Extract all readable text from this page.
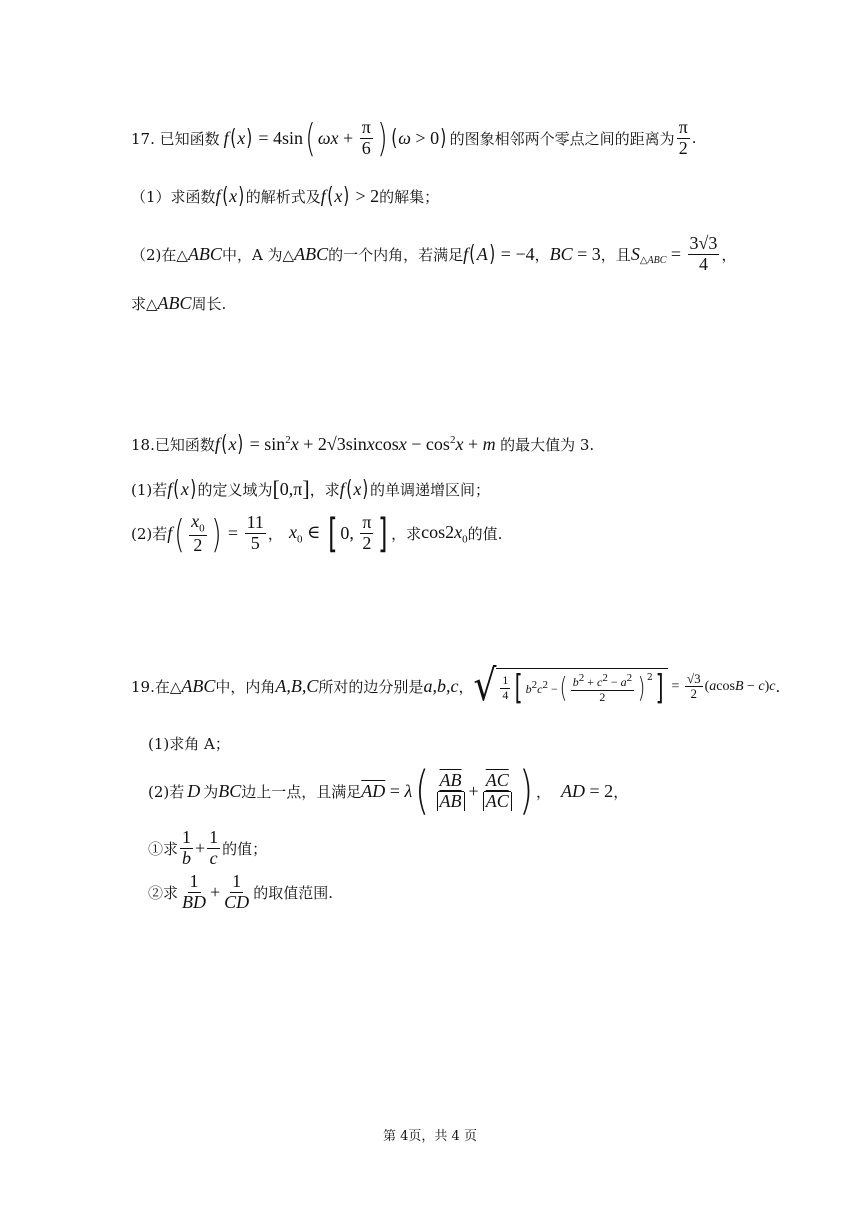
17. 已知函数 f ( x ) = 4sin ( $\omega x + \frac{\pi}{6}$ ) ( ω > 0 ) 的图象相邻两个零点之间的距离为 $\frac{\pi}{2}$ .
（1）求函数 f ( x ) 的解析式及 f ( x ) > 2 的解集；
（2)在△ ABC 中，A 为△ ABC 的一个内角，若满足 f ( A ) = −4 ， BC = 3 ，且 $S_{\triangle ABC} = \frac{3√3}{4}$ ，
求△ ABC 周长.
18.已知函数 f ( x ) = $\sin^2x$ + 2√3sinxcosx − $\cos^2x + m$ 的最大值为 3.
(1)若 f ( x ) 的定义域为 [ 0,π ] ，求 f ( x ) 的单调递增区间；
(2)若 f ( $\frac{x_0}{2}$ ) = $\frac{11}{5}$ ， $x_0$ ∈ [ 0, $\frac{\pi}{2}$ ] ，求 $\cos 2x_0$ 的值.
19.在△ ABC 中，内角 A,B,C 所对的边分别是 a,b,c ， √ $\frac{1}{4}$ [ $b^2c^2$ − ( $\frac{b^2 + c^2 - a^2}{2} )^2$ ] = $\frac{√3}{2} (acosB - c)c$ .
(1)求角 A；
(2)若 D 为 BC 边上一点，且满足 $\overline{AD} = \lambda$ ( $\frac{\overline{AB}}{AB} + \frac{\overline{AC}}{AC}$ ) ， AD = 2 ，
①求 $\frac{1}{b} + \frac{1}{c}$ 的值；
②求 $\frac{1}{BD} + \frac{1}{CD}$ 的取值范围.
第 4页，共 4 页
